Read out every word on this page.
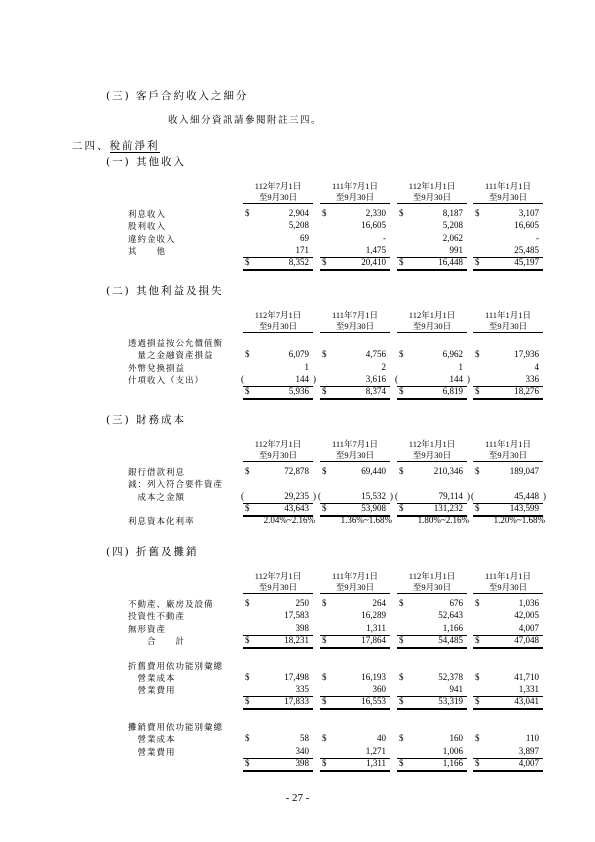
(三) 客戶合約收入之細分
收入細分資訊請參閱附註三四。
二四、稅前淨利
(一) 其他收入
112年7月1日
至9月30日
111年7月1日
至9月30日
112年1月1日
至9月30日
111年1月1日
至9月30日
利息收入	$	2,904 $	2,330 $	8,187 $	3,107
股利收入	5,208	16,605	5,208	16,605
違約金收入	69	-	2,062	-
其　　他	171	1,475	991	25,485
$	8,352 $	20,410 $	16,448 $	45,197
(二) 其他利益及損失
112年7月1日
至9月30日
111年7月1日
至9月30日
112年1月1日
至9月30日
111年1月1日
至9月30日
透過損益按公允價值衡
　量之金融資產損益	$	6,079 $	4,756 $	6,962 $	17,936
外幣兌換損益	1	2	1	4
什項收入（支出）	(	144 )	3,616 (	144 )	336
$	5,936 $	8,374 $	6,819 $	18,276
(三) 財務成本
112年7月1日
至9月30日
111年7月1日
至9月30日
112年1月1日
至9月30日
111年1月1日
至9月30日
銀行借款利息	$	72,878 $	69,440 $	210,346 $	189,047
減：列入符合要件資產
　成本之金額	(	29,235 ) (	15,532 ) (	79,114 ) (	45,448 )
$	43,643 $	53,908 $	131,232 $	143,599
利息資本化利率	2.04%~2.16%	1.36%~1.68%	1.80%~2.16%	1.20%~1.68%
(四) 折舊及攤銷
112年7月1日
至9月30日
111年7月1日
至9月30日
112年1月1日
至9月30日
111年1月1日
至9月30日
不動產、廠房及設備	$	250 $	264 $	676 $	1,036
投資性不動產	17,583	16,289	52,643	42,005
無形資產	398	1,311	1,166	4,007
　　合　　計	$	18,231 $	17,864 $	54,485 $	47,048
折舊費用依功能別彙總
　營業成本	$	17,498 $	16,193 $	52,378 $	41,710
　營業費用	335	360	941	1,331
$	17,833 $	16,553 $	53,319 $	43,041
攤銷費用依功能別彙總
　營業成本	$	58 $	40 $	160 $	110
　營業費用	340	1,271	1,006	3,897
$	398 $	1,311 $	1,166 $	4,007
- 27 -
